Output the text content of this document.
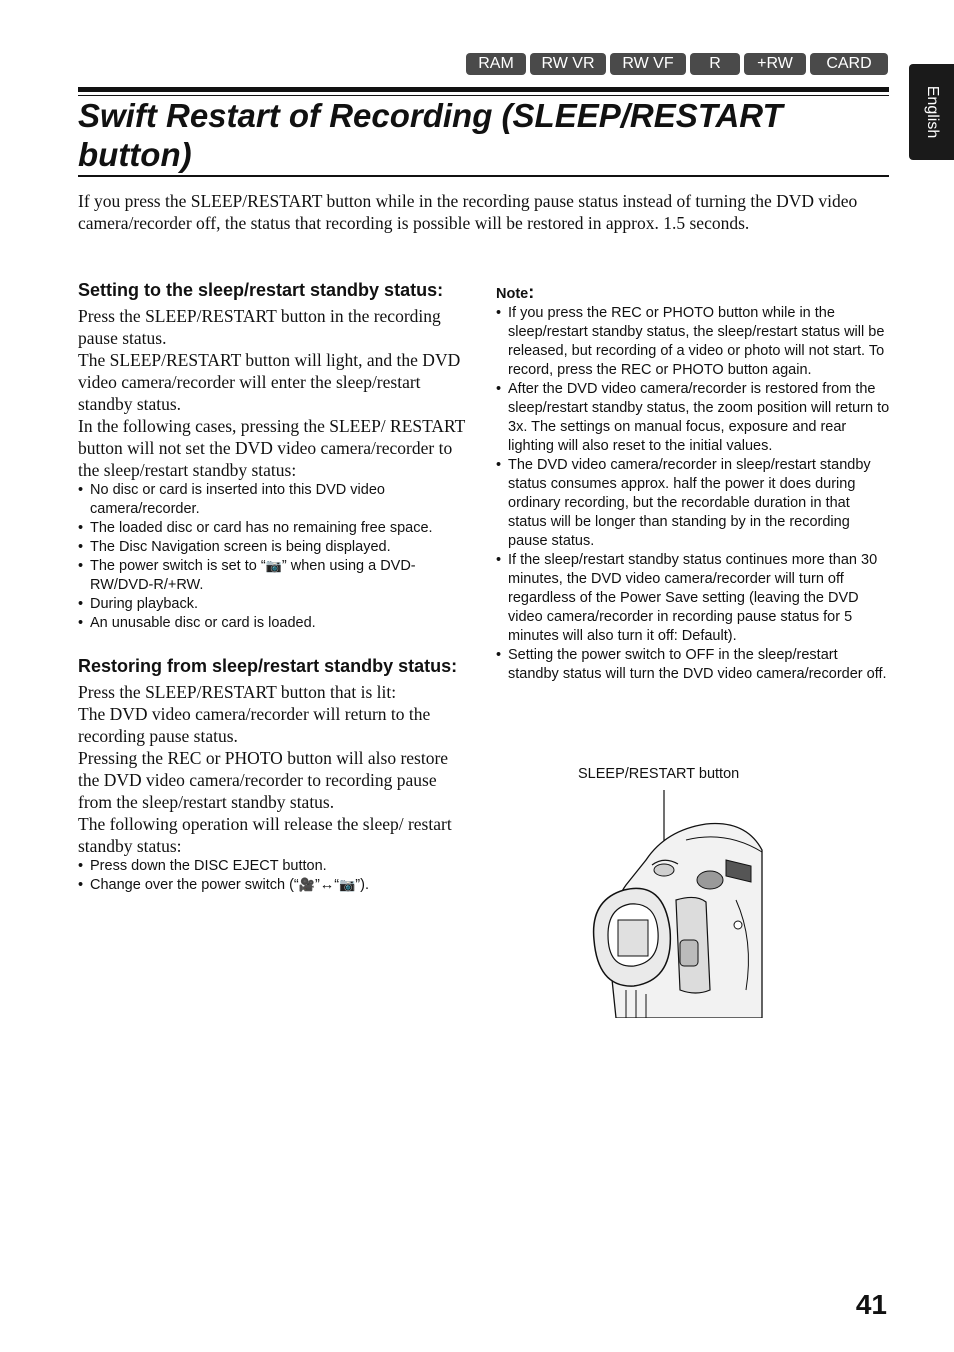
RAM	RW VR	RW VF	R	+RW	CARD
English
Swift Restart of Recording (SLEEP/RESTART button)

If you press the SLEEP/RESTART button while in the recording pause status instead of turning the DVD video camera/recorder off, the status that recording is possible will be restored in approx. 1.5 seconds.

Setting to the sleep/restart standby status:

Press the SLEEP/RESTART button in the recording pause status.

The SLEEP/RESTART button will light, and the DVD video camera/recorder will enter the sleep/restart standby status.

In the following cases, pressing the SLEEP/ RESTART button will not set the DVD video camera/recorder to the sleep/restart standby status:

• No disc or card is inserted into this DVD video camera/recorder.
• The loaded disc or card has no remaining free space.
• The Disc Navigation screen is being displayed.
• The power switch is set to “📷” when using a DVD-RW/DVD-R/+RW.
• During playback.
• An unusable disc or card is loaded.
Restoring from sleep/restart standby status:

Press the SLEEP/RESTART button that is lit:

The DVD video camera/recorder will return to the recording pause status.

Pressing the REC or PHOTO button will also restore the DVD video camera/recorder to recording pause from the sleep/restart standby status.

The following operation will release the sleep/ restart standby status:

• Press down the DISC EJECT button.
• Change over the power switch (“🎥”↔“📷”).

Note:

• If you press the REC or PHOTO button while in the sleep/restart standby status, the sleep/restart status will be released, but recording of a video or photo will not start. To record, press the REC or PHOTO button again.
• After the DVD video camera/recorder is restored from the sleep/restart standby status, the zoom position will return to 3x. The settings on manual focus, exposure and rear lighting will also reset to the initial values.
• The DVD video camera/recorder in sleep/restart standby status consumes approx. half the power it does during ordinary recording, but the recordable duration in that status will be longer than standing by in the recording pause status.
• If the sleep/restart standby status continues more than 30 minutes, the DVD video camera/recorder will turn off regardless of the Power Save setting (leaving the DVD video camera/recorder in recording pause status for 5 minutes will also turn it off: Default).
• Setting the power switch to OFF in the sleep/restart standby status will turn the DVD video camera/recorder off.
SLEEP/RESTART button
41
